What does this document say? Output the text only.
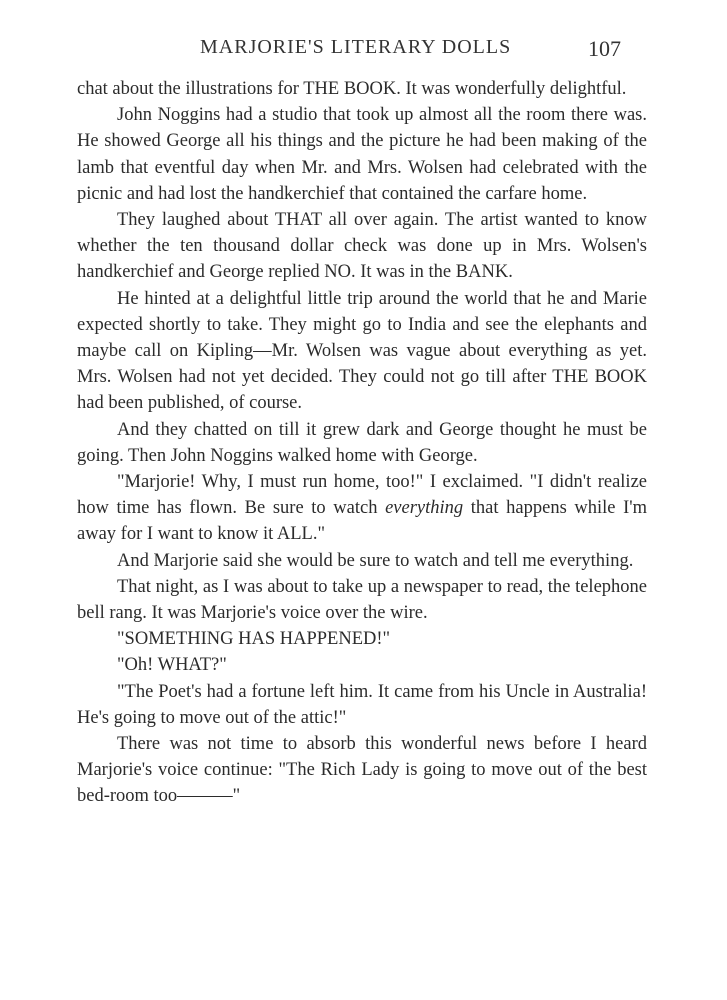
MARJORIE'S LITERARY DOLLS	107

chat about the illustrations for THE BOOK. It was wonderfully delightful.

John Noggins had a studio that took up almost all the room there was. He showed George all his things and the picture he had been making of the lamb that eventful day when Mr. and Mrs. Wolsen had celebrated with the picnic and had lost the handkerchief that contained the carfare home.

They laughed about THAT all over again. The artist wanted to know whether the ten thousand dollar check was done up in Mrs. Wolsen's handkerchief and George replied NO. It was in the BANK.

He hinted at a delightful little trip around the world that he and Marie expected shortly to take. They might go to India and see the elephants and maybe call on Kipling—Mr. Wolsen was vague about everything as yet. Mrs. Wolsen had not yet decided. They could not go till after THE BOOK had been published, of course.

And they chatted on till it grew dark and George thought he must be going. Then John Noggins walked home with George.

"Marjorie! Why, I must run home, too!" I exclaimed. "I didn't realize how time has flown. Be sure to watch everything that happens while I'm away for I want to know it ALL."

And Marjorie said she would be sure to watch and tell me everything.

That night, as I was about to take up a newspaper to read, the telephone bell rang. It was Marjorie's voice over the wire.

"SOMETHING HAS HAPPENED!"

"Oh! WHAT?"

"The Poet's had a fortune left him. It came from his Uncle in Australia! He's going to move out of the attic!"

There was not time to absorb this wonderful news before I heard Marjorie's voice continue: "The Rich Lady is going to move out of the best bed-room too———"
